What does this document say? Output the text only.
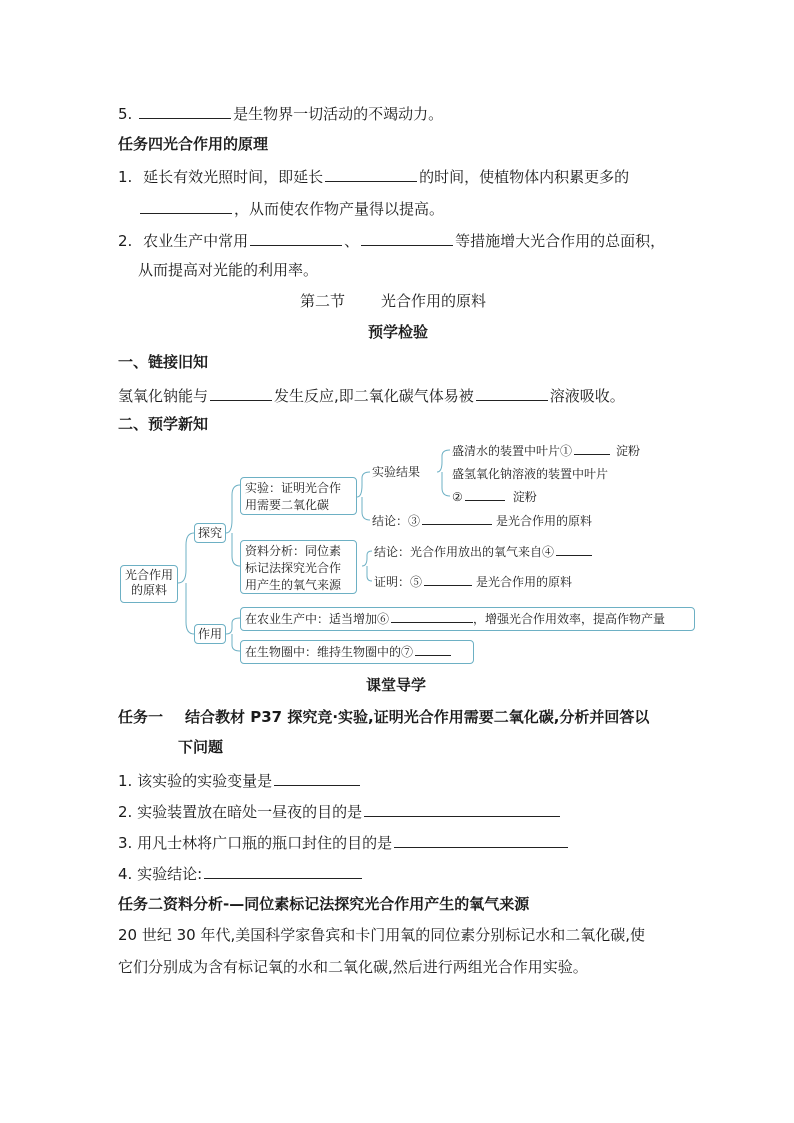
5.	是生物界一切活动的不竭动力。
任务四光合作用的原理
1. 延长有效光照时间，即延长	的时间，使植物体内积累更多的
，从而使农作物产量得以提高。
2. 农业生产中常用	、	等措施增大光合作用的总面积，
从而提高对光能的利用率。
第二节 光合作用的原料
预学检验
一、链接旧知
氢氧化钠能与	发生反应,即二氧化碳气体易被	溶液吸收。
二、预学新知
光合作用的原料
探究
作用
实验：证明光合作用需要二氧化碳
资料分析：同位素标记法探究光合作用产生的氧气来源
实验结果
盛清水的装置中叶片①	淀粉
盛氢氧化钠溶液的装置中叶片
②	淀粉
结论：③	是光合作用的原料
结论：光合作用放出的氧气来自④
证明：⑤	是光合作用的原料
在农业生产中：适当增加⑥	，增强光合作用效率，提高作物产量
在生物圈中：维持生物圈中的⑦
课堂导学
任务一 结合教材 P37 探究竞·实验,证明光合作用需要二氧化碳,分析并回答以
下问题
1. 该实验的实验变量是
2. 实验装置放在暗处一昼夜的目的是
3. 用凡士林将广口瓶的瓶口封住的目的是
4. 实验结论:
任务二资料分析-—同位素标记法探究光合作用产生的氧气来源
20 世纪 30 年代,美国科学家鲁宾和卡门用氧的同位素分别标记水和二氧化碳,使
它们分别成为含有标记氧的水和二氧化碳,然后进行两组光合作用实验。
